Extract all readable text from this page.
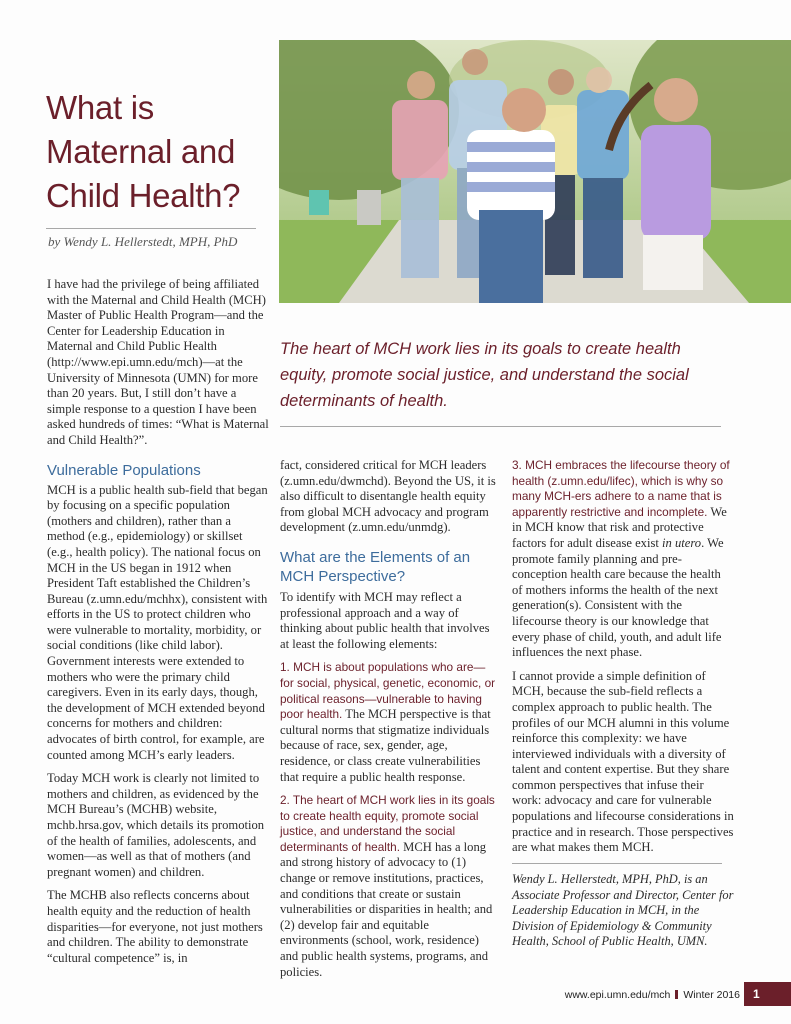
What is
Maternal and
Child Health?
by Wendy L. Hellerstedt, MPH, PhD
The heart of MCH work lies in its goals to create health equity, promote social justice, and understand the social determinants of health.

I have had the privilege of being affiliated with the Maternal and Child Health (MCH) Master of Public Health Program—and the Center for Leadership Education in Maternal and Child Public Health (http://www.epi.umn.edu/mch)—at the University of Minnesota (UMN) for more than 20 years. But, I still don’t have a simple response to a question I have been asked hundreds of times: “What is Maternal and Child Health?”.

Vulnerable Populations

MCH is a public health sub-field that began by focusing on a specific population (mothers and children), rather than a method (e.g., epidemiology) or skillset (e.g., health policy). The national focus on MCH in the US began in 1912 when President Taft established the Children’s Bureau (z.umn.edu/mchhx), consistent with efforts in the US to protect children who were vulnerable to mortality, morbidity, or social conditions (like child labor). Government interests were extended to mothers who were the primary child caregivers. Even in its early days, though, the development of MCH extended beyond concerns for mothers and children: advocates of birth control, for example, are counted among MCH’s early leaders.

Today MCH work is clearly not limited to mothers and children, as evidenced by the MCH Bureau’s (MCHB) website, mchb.hrsa.gov, which details its promotion of the health of families, adolescents, and women—as well as that of mothers (and pregnant women) and children.

The MCHB also reflects concerns about health equity and the reduction of health disparities—for everyone, not just mothers and children. The ability to demonstrate “cultural competence” is, in

fact, considered critical for MCH leaders (z.umn.edu/dwmchd). Beyond the US, it is also difficult to disentangle health equity from global MCH advocacy and program development (z.umn.edu/unmdg).

What are the Elements of an MCH Perspective?

To identify with MCH may reflect a professional approach and a way of thinking about public health that involves at least the following elements:

1. MCH is about populations who are—for social, physical, genetic, economic, or political reasons—vulnerable to having poor health. The MCH perspective is that cultural norms that stigmatize individuals because of race, sex, gender, age, residence, or class create vulnerabilities that require a public health response.

2. The heart of MCH work lies in its goals to create health equity, promote social justice, and understand the social determinants of health. MCH has a long and strong history of advocacy to (1) change or remove institutions, practices, and conditions that create or sustain vulnerabilities or disparities in health; and (2) develop fair and equitable environments (school, work, residence) and public health systems, programs, and policies.

3. MCH embraces the lifecourse theory of health (z.umn.edu/lifec), which is why so many MCH-ers adhere to a name that is apparently restrictive and incomplete. We in MCH know that risk and protective factors for adult disease exist in utero. We promote family planning and pre-conception health care because the health of mothers informs the health of the next generation(s). Consistent with the lifecourse theory is our knowledge that every phase of child, youth, and adult life influences the next phase.

I cannot provide a simple definition of MCH, because the sub-field reflects a complex approach to public health. The profiles of our MCH alumni in this volume reinforce this complexity: we have interviewed individuals with a diversity of talent and content expertise. But they share common perspectives that infuse their work: advocacy and care for vulnerable populations and lifecourse considerations in practice and in research. Those perspectives are what makes them MCH.

Wendy L. Hellerstedt, MPH, PhD, is an Associate Professor and Director, Center for Leadership Education in MCH, in the Division of Epidemiology & Community Health, School of Public Health, UMN.
www.epi.umn.edu/mch Winter 2016	1
